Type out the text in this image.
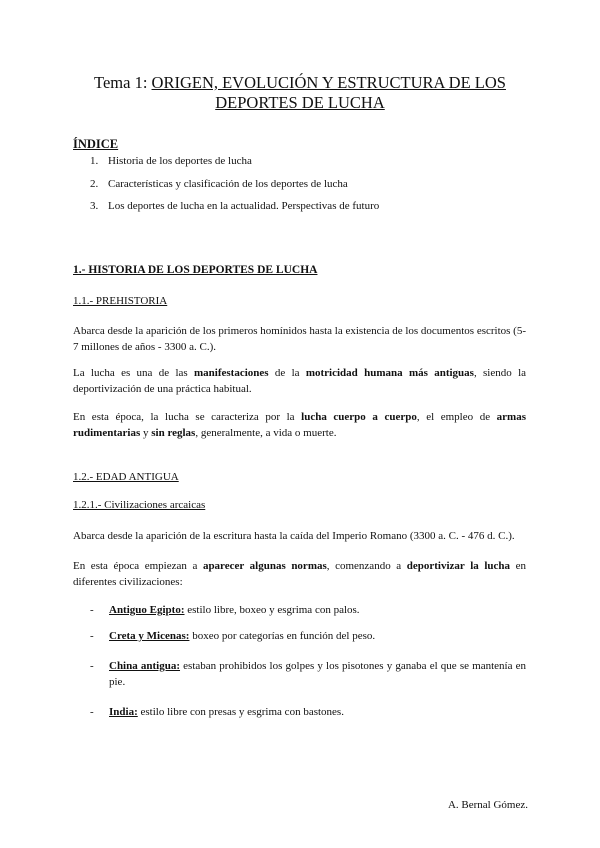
Tema 1: ORIGEN, EVOLUCIÓN Y ESTRUCTURA DE LOS
DEPORTES DE LUCHA
ÍNDICE
1. Historia de los deportes de lucha
2. Características y clasificación de los deportes de lucha
3. Los deportes de lucha en la actualidad. Perspectivas de futuro
1.- HISTORIA DE LOS DEPORTES DE LUCHA
1.1.- PREHISTORIA
Abarca desde la aparición de los primeros homínidos hasta la existencia de los documentos escritos (5-7 millones de años - 3300 a. C.).
La lucha es una de las manifestaciones de la motricidad humana más antiguas, siendo la deportivización de una práctica habitual.
En esta época, la lucha se caracteriza por la lucha cuerpo a cuerpo, el empleo de armas rudimentarias y sin reglas, generalmente, a vida o muerte.
1.2.- EDAD ANTIGUA
1.2.1.- Civilizaciones arcaicas
Abarca desde la aparición de la escritura hasta la caída del Imperio Romano (3300 a. C. - 476 d. C.).
En esta época empiezan a aparecer algunas normas, comenzando a deportivizar la lucha en diferentes civilizaciones:
-	Antiguo Egipto: estilo libre, boxeo y esgrima con palos.
-	Creta y Micenas: boxeo por categorías en función del peso.
-	China antigua: estaban prohibidos los golpes y los pisotones y ganaba el que se mantenía en pie.
-	India: estilo libre con presas y esgrima con bastones.
A. Bernal Gómez.
